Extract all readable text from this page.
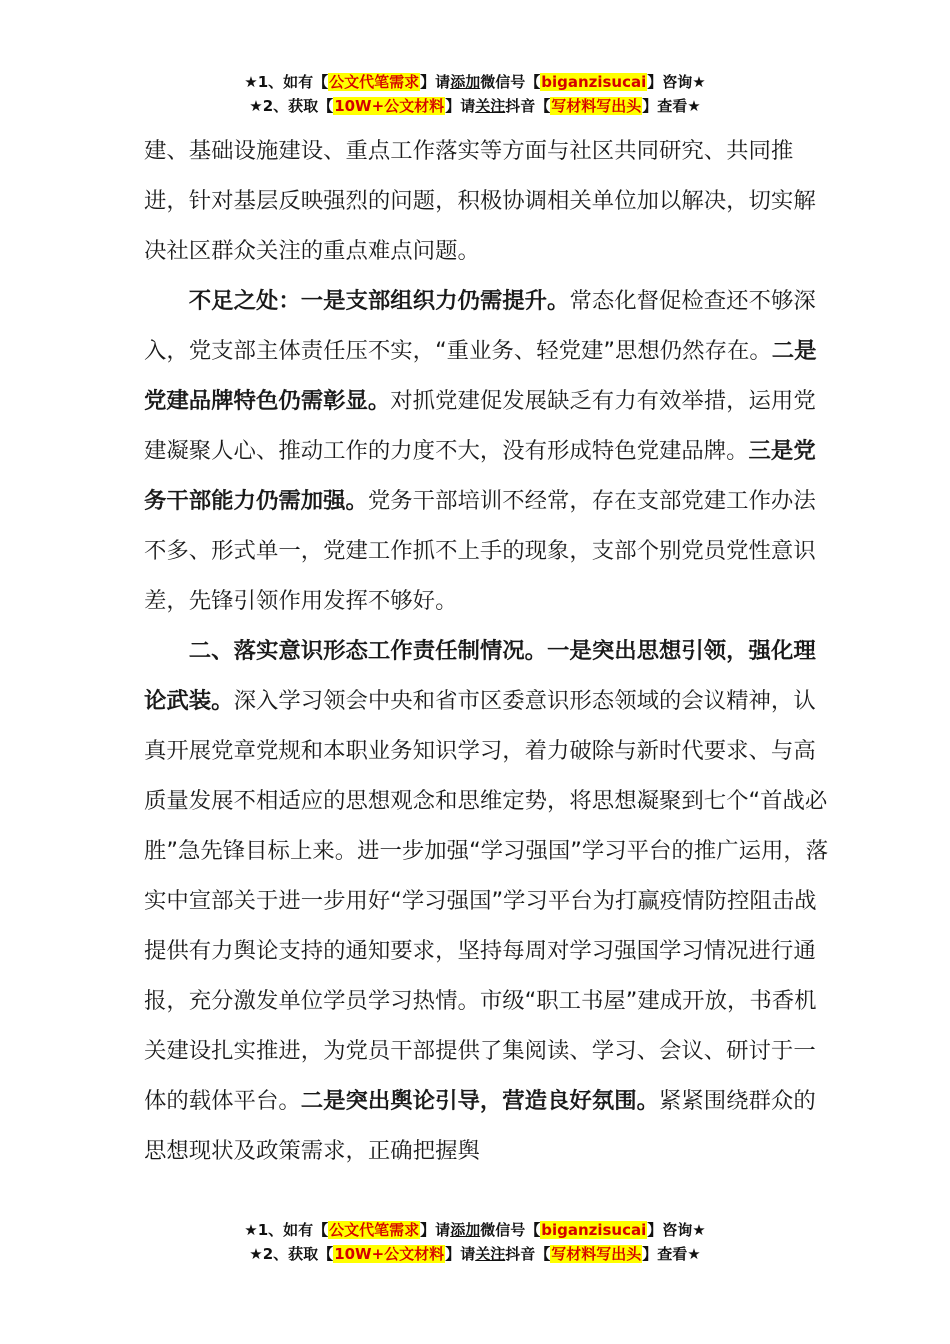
★1、如有【公文代笔需求】请添加微信号【biganzisucai】咨询★
★2、获取【10W+公文材料】请关注抖音【写材料写出头】查看★

建、基础设施建设、重点工作落实等方面与社区共同研究、共同推进，针对基层反映强烈的问题，积极协调相关单位加以解决，切实解决社区群众关注的重点难点问题。

不足之处：一是支部组织力仍需提升。常态化督促检查还不够深入，党支部主体责任压不实，“重业务、轻党建”思想仍然存在。二是党建品牌特色仍需彰显。对抓党建促发展缺乏有力有效举措，运用党建凝聚人心、推动工作的力度不大，没有形成特色党建品牌。三是党务干部能力仍需加强。党务干部培训不经常，存在支部党建工作办法不多、形式单一，党建工作抓不上手的现象，支部个别党员党性意识差，先锋引领作用发挥不够好。

二、落实意识形态工作责任制情况。一是突出思想引领，强化理论武装。深入学习领会中央和省市区委意识形态领域的会议精神，认真开展党章党规和本职业务知识学习，着力破除与新时代要求、与高质量发展不相适应的思想观念和思维定势，将思想凝聚到七个“首战必胜”急先锋目标上来。进一步加强“学习强国”学习平台的推广运用，落实中宣部关于进一步用好“学习强国”学习平台为打赢疫情防控阻击战提供有力舆论支持的通知要求，坚持每周对学习强国学习情况进行通报，充分激发单位学员学习热情。市级“职工书屋”建成开放，书香机关建设扎实推进，为党员干部提供了集阅读、学习、会议、研讨于一体的载体平台。二是突出舆论引导，营造良好氛围。紧紧围绕群众的思想现状及政策需求，正确把握舆

★1、如有【公文代笔需求】请添加微信号【biganzisucai】咨询★
★2、获取【10W+公文材料】请关注抖音【写材料写出头】查看★
